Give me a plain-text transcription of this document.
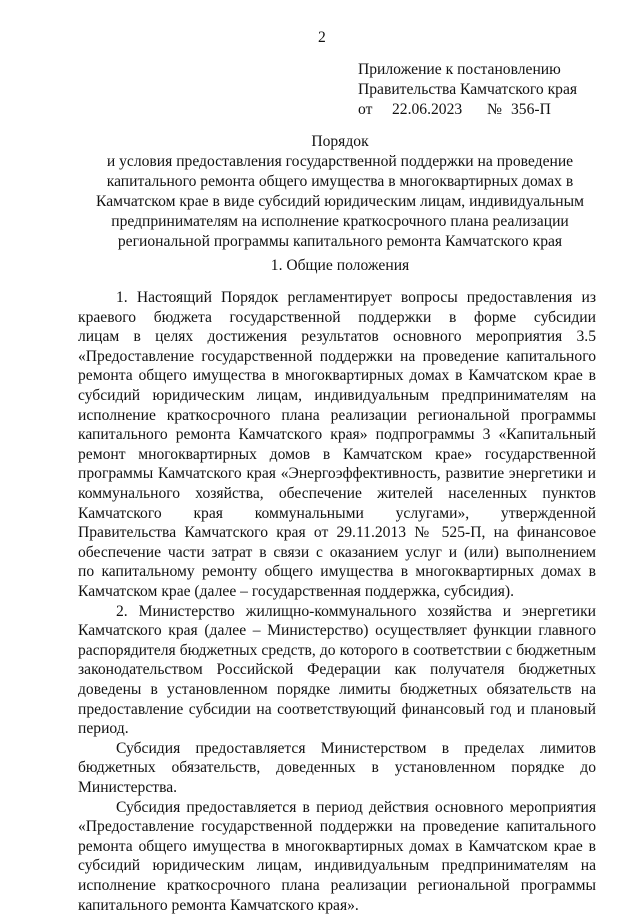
2
Приложение к постановлению
Правительства Камчатского края
от 22.06.2023 № 356-П
Порядок
и условия предоставления государственной поддержки на проведение
капитального ремонта общего имущества в многоквартирных домах в
Камчатском крае в виде субсидий юридическим лицам, индивидуальным
предпринимателям на исполнение краткосрочного плана реализации
региональной программы капитального ремонта Камчатского края
1. Общие положения
1. Настоящий Порядок регламентирует вопросы предоставления из
краевого бюджета государственной поддержки в форме субсидии
лицам в целях достижения результатов основного мероприятия 3.5
«Предоставление государственной поддержки на проведение капитального
ремонта общего имущества в многоквартирных домах в Камчатском крае в
субсидий юридическим лицам, индивидуальным предпринимателям на
исполнение краткосрочного плана реализации региональной программы
капитального ремонта Камчатского края» подпрограммы 3 «Капитальный
ремонт многоквартирных домов в Камчатском крае» государственной
программы Камчатского края «Энергоэффективность, развитие энергетики и
коммунального хозяйства, обеспечение жителей населенных пунктов
Камчатского края коммунальными услугами», утвержденной
Правительства Камчатского края от 29.11.2013 № 525-П, на финансовое
обеспечение части затрат в связи с оказанием услуг и (или) выполнением
по капитальному ремонту общего имущества в многоквартирных домах в
Камчатском крае (далее – государственная поддержка, субсидия).
2. Министерство жилищно-коммунального хозяйства и энергетики
Камчатского края (далее – Министерство) осуществляет функции главного
распорядителя бюджетных средств, до которого в соответствии с бюджетным
законодательством Российской Федерации как получателя бюджетных
доведены в установленном порядке лимиты бюджетных обязательств на
предоставление субсидии на соответствующий финансовый год и плановый
период.
Субсидия предоставляется Министерством в пределах лимитов
бюджетных обязательств, доведенных в установленном порядке до
Министерства.
Субсидия предоставляется в период действия основного мероприятия
«Предоставление государственной поддержки на проведение капитального
ремонта общего имущества в многоквартирных домах в Камчатском крае в
субсидий юридическим лицам, индивидуальным предпринимателям на
исполнение краткосрочного плана реализации региональной программы
капитального ремонта Камчатского края».
